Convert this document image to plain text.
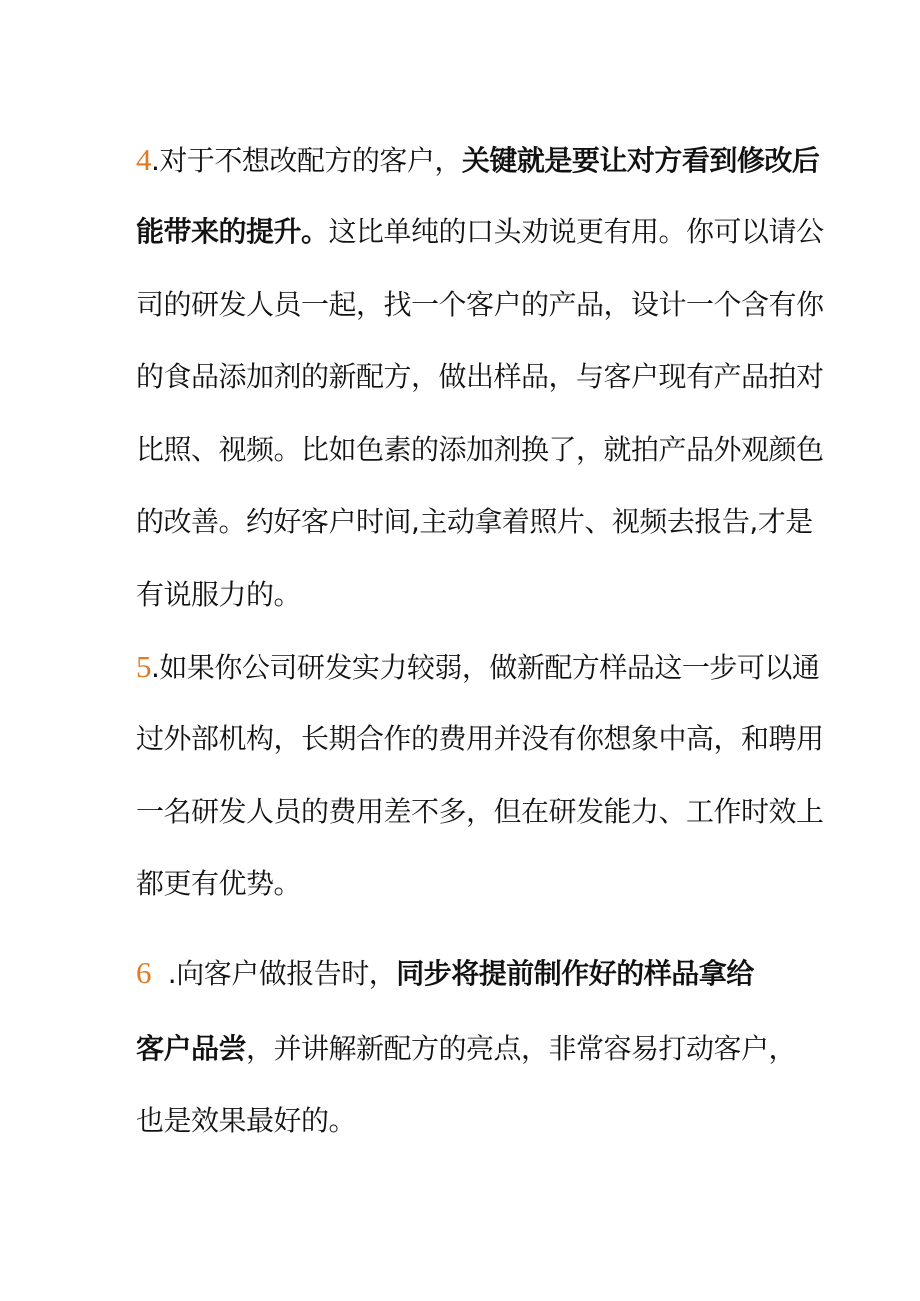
4.对于不想改配方的客户，关键就是要让对方看到修改后
能带来的提升。这比单纯的口头劝说更有用。你可以请公
司的研发人员一起，找一个客户的产品，设计一个含有你
的食品添加剂的新配方，做出样品，与客户现有产品拍对
比照、视频。比如色素的添加剂换了，就拍产品外观颜色
的改善。约好客户时间,主动拿着照片、视频去报告,才是
有说服力的。
5.如果你公司研发实力较弱，做新配方样品这一步可以通
过外部机构，长期合作的费用并没有你想象中高，和聘用
一名研发人员的费用差不多，但在研发能力、工作时效上
都更有优势。
6  .向客户做报告时，同步将提前制作好的样品拿给
客户品尝，并讲解新配方的亮点，非常容易打动客户，
也是效果最好的。
